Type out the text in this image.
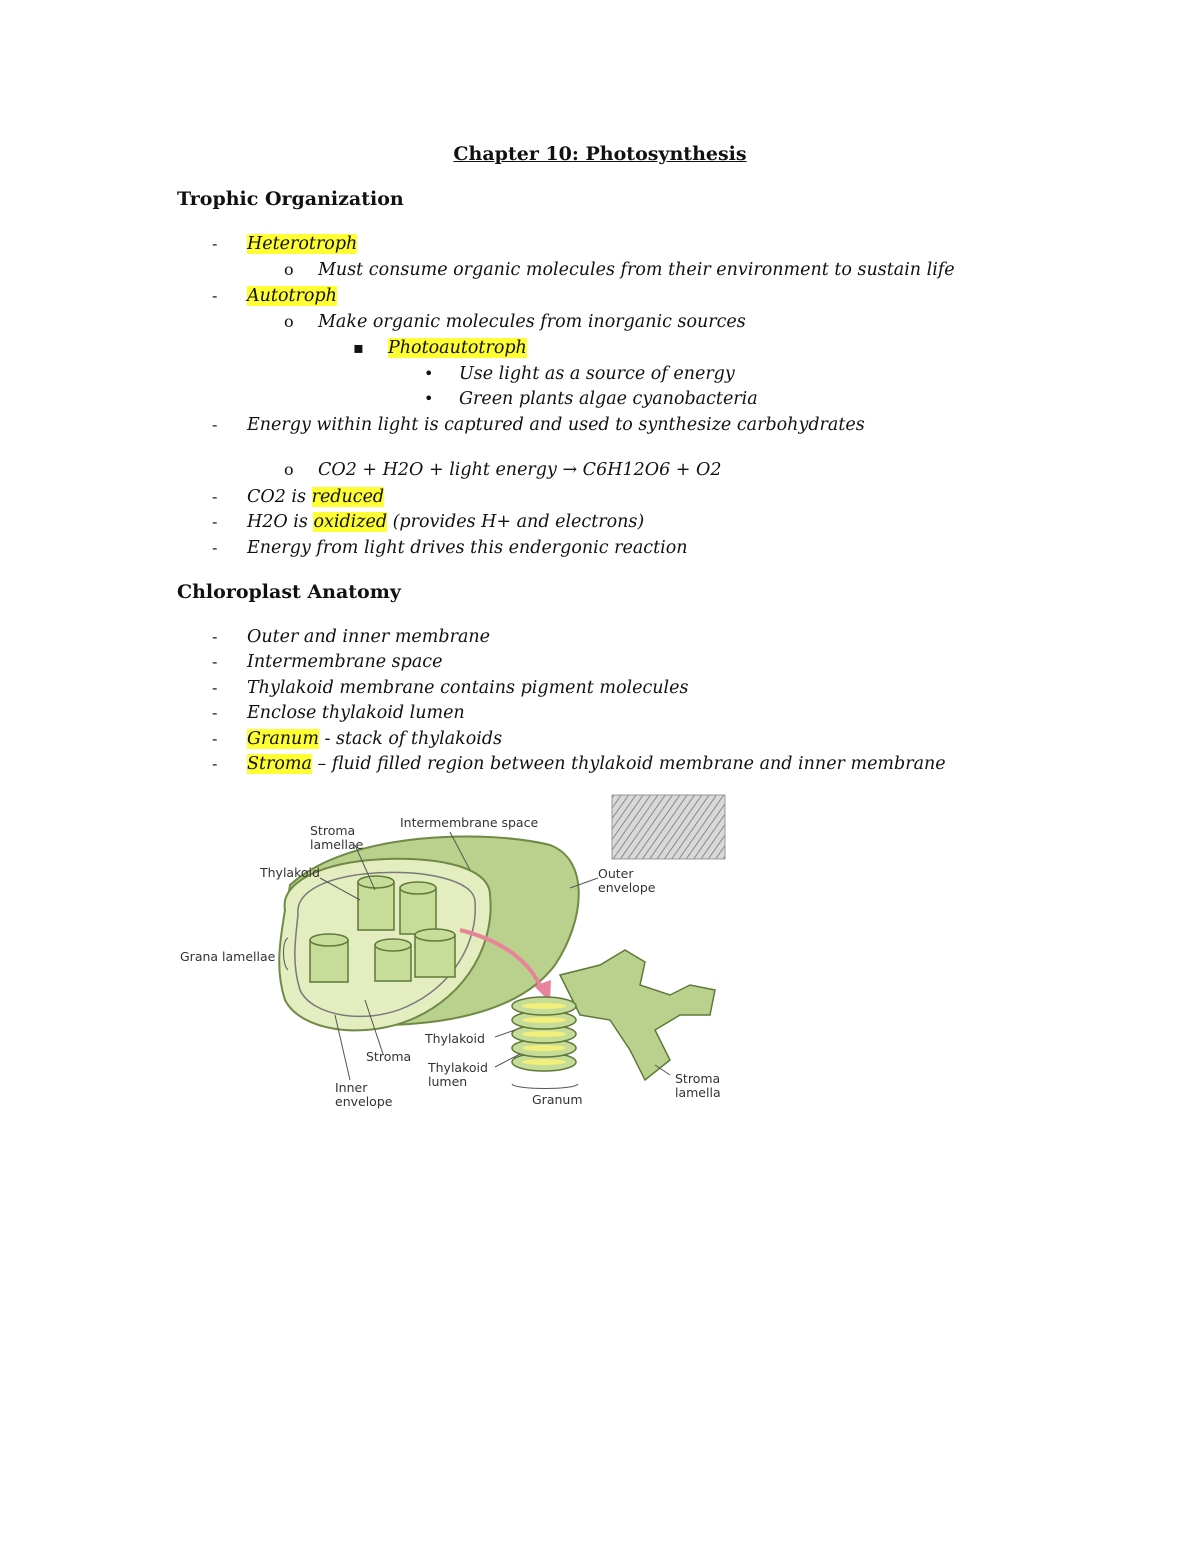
Chapter 10: Photosynthesis
Trophic Organization
- Heterotroph
o Must consume organic molecules from their environment to sustain life
- Autotroph
o Make organic molecules from inorganic sources
▪ Photoautotroph
• Use light as a source of energy
• Green plants algae cyanobacteria
- Energy within light is captured and used to synthesize carbohydrates
o CO2 + H2O + light energy → C6H12O6 + O2
- CO2 is reduced
- H2O is oxidized (provides H+ and electrons)
- Energy from light drives this endergonic reaction
Chloroplast Anatomy
- Outer and inner membrane
- Intermembrane space
- Thylakoid membrane contains pigment molecules
- Enclose thylakoid lumen
- Granum - stack of thylakoids
- Stroma – fluid filled region between thylakoid membrane and inner membrane
Stroma
lamellae
Intermembrane space
Thylakoid	Outer
envelope
Grana lamellae
Stroma
Inner
envelope
Thylakoid
Thylakoid
lumen
Granum
Stroma
lamella
